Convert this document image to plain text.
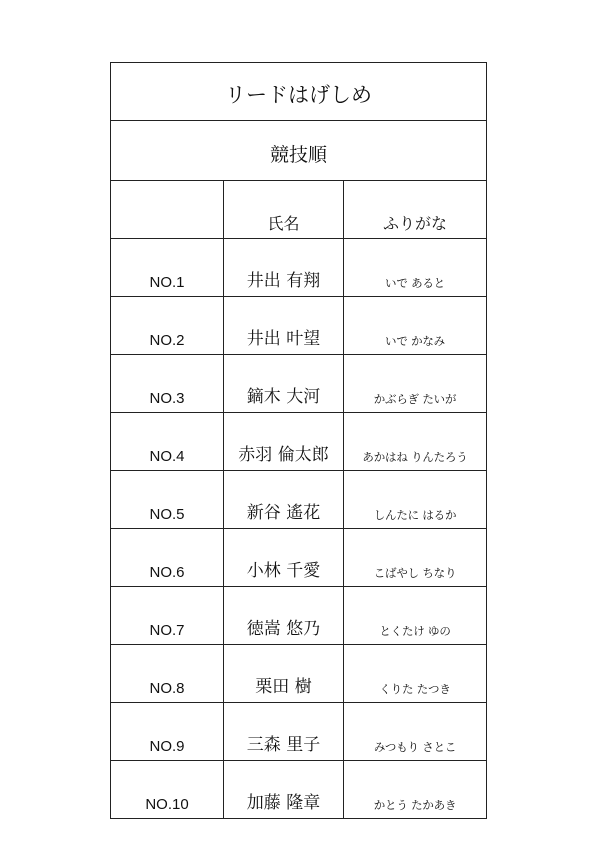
リードはげしめ		
競技順		
	氏名	ふりがな
NO.1	井出 有翔	いで あると
NO.2	井出 叶望	いで かなみ
NO.3	鏑木 大河	かぶらぎ たいが
NO.4	赤羽 倫太郎	あかはね りんたろう
NO.5	新谷 遙花	しんたに はるか
NO.6	小林 千愛	こばやし ちなり
NO.7	徳嵩 悠乃	とくたけ ゆの
NO.8	栗田 樹	くりた たつき
NO.9	三森 里子	みつもり さとこ
NO.10	加藤 隆章	かとう たかあき
